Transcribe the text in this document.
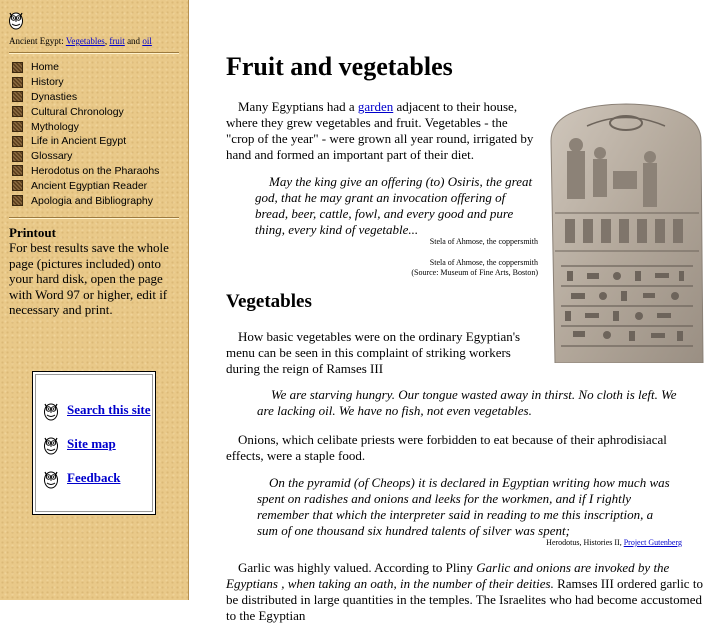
Ancient Egypt: Vegetables, fruit and oil
Home
History
Dynasties
Cultural Chronology
Mythology
Life in Ancient Egypt
Glossary
Herodotus on the Pharaohs
Ancient Egyptian Reader
Apologia and Bibliography
Printout
For best results save the whole page (pictures included) onto your hard disk, open the page with Word 97 or higher, edit if necessary and print.
Search this site
Site map
Feedback
Fruit and vegetables
Many Egyptians had a garden adjacent to their house, where they grew vegetables and fruit. Vegetables - the "crop of the year" - were grown all year round, irrigated by hand and formed an important part of their diet.
May the king give an offering (to) Osiris, the great god, that he may grant an invocation offering of bread, beer, cattle, fowl, and every good and pure thing, every kind of vegetable...
Stela of Ahmose, the coppersmith
Stela of Ahmose, the coppersmith
(Source: Museum of Fine Arts, Boston)
Vegetables
How basic vegetables were on the ordinary Egyptian's menu can be seen in this complaint of striking workers during the reign of Ramses III
We are starving hungry. Our tongue wasted away in thirst. No cloth is left. We are lacking oil. We have no fish, not even vegetables.
Onions, which celibate priests were forbidden to eat because of their aphrodisiacal effects, were a staple food.
On the pyramid (of Cheops) it is declared in Egyptian writing how much was spent on radishes and onions and leeks for the workmen, and if I rightly remember that which the interpreter said in reading to me this inscription, a sum of one thousand six hundred talents of silver was spent;
Herodotus, Histories II, Project Gutenberg
Garlic was highly valued. According to Pliny Garlic and onions are invoked by the Egyptians , when taking an oath, in the number of their deities. Ramses III ordered garlic to be distributed in large quantities in the temples. The Israelites who had become accustomed to the Egyptian
